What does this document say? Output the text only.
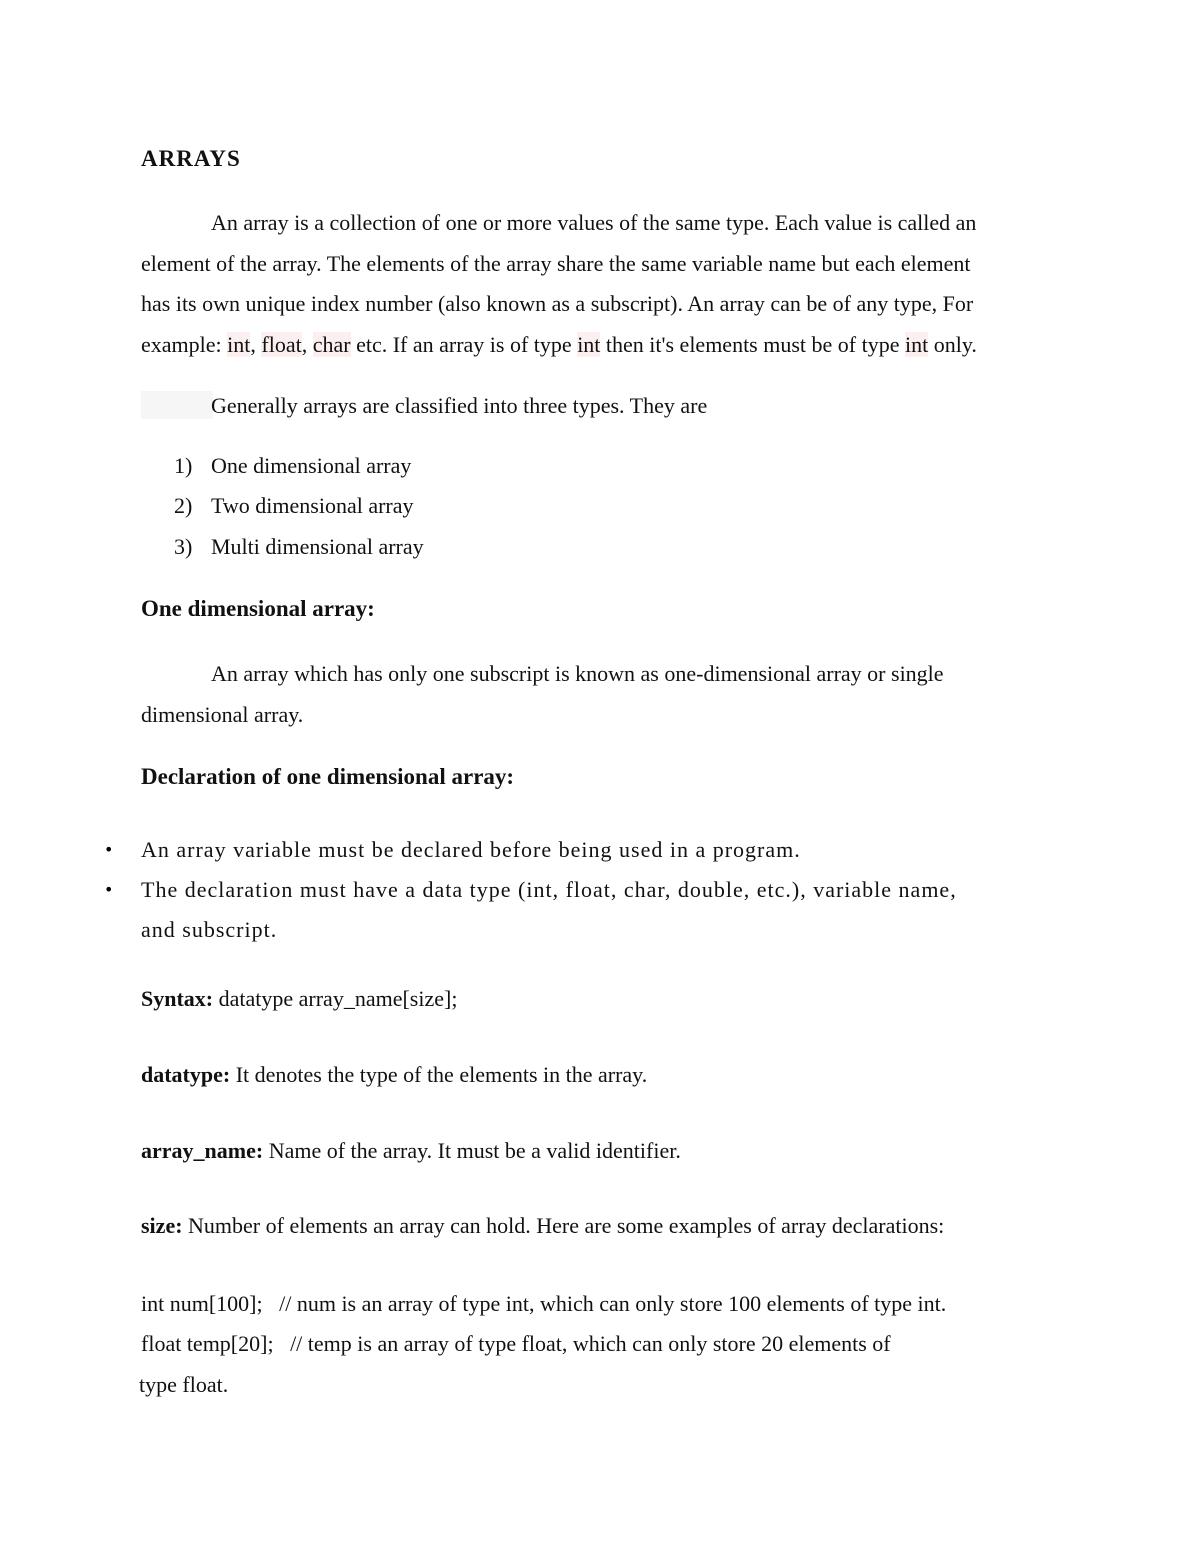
ARRAYS
An array is a collection of one or more values of the same type. Each value is called an
element of the array. The elements of the array share the same variable name but each element
has its own unique index number (also known as a subscript). An array can be of any type, For
example: int, float, char etc. If an array is of type int then it's elements must be of type int only.
Generally arrays are classified into three types. They are
1) One dimensional array
2) Two dimensional array
3) Multi dimensional array
One dimensional array:
An array which has only one subscript is known as one-dimensional array or single
dimensional array.
Declaration of one dimensional array:
• An array variable must be declared before being used in a program.
• The declaration must have a data type (int, float, char, double, etc.), variable name,
and subscript.
Syntax: datatype array_name[size];
datatype: It denotes the type of the elements in the array.
array_name: Name of the array. It must be a valid identifier.
size: Number of elements an array can hold. Here are some examples of array declarations:
int num[100];   // num is an array of type int, which can only store 100 elements of type int.
float temp[20];   // temp is an array of type float, which can only store 20 elements of
type float.
